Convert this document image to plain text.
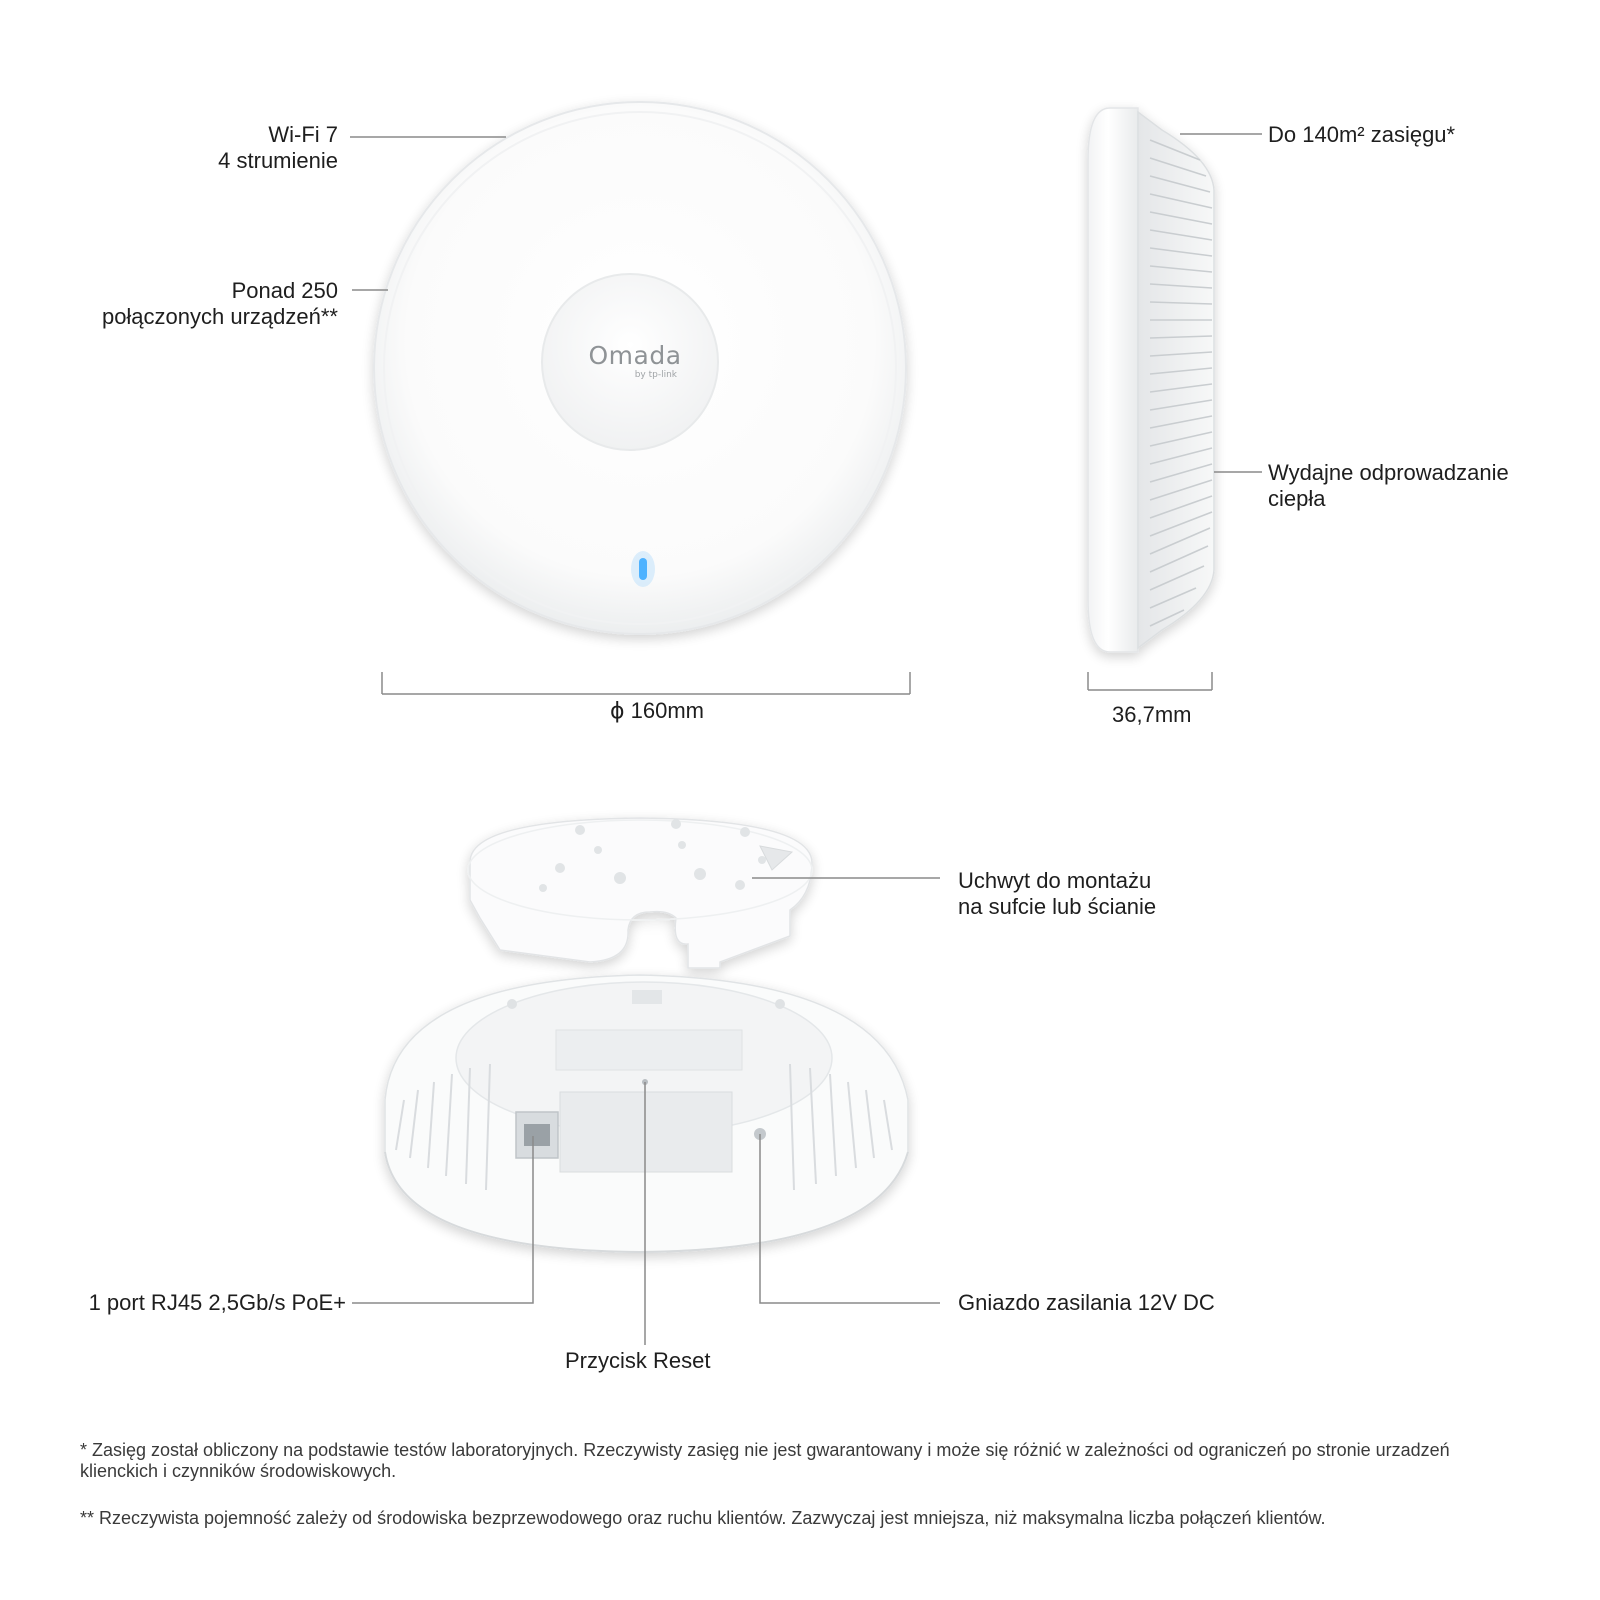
Omada
by tp-link
Wi-Fi 7
4 strumienie
Ponad 250
połączonych urządzeń**
ϕ 160mm
Do 140m² zasięgu*
Wydajne odprowadzanie
ciepła
36,7mm
Uchwyt do montażu
na sufcie lub ścianie
1 port RJ45 2,5Gb/s PoE+
Przycisk Reset
Gniazdo zasilania 12V DC
* Zasięg został obliczony na podstawie testów laboratoryjnych. Rzeczywisty zasięg nie jest gwarantowany i może się różnić w zależności od ograniczeń po stronie urzadzeń klienckich i czynników środowiskowych.
** Rzeczywista pojemność zależy od środowiska bezprzewodowego oraz ruchu klientów. Zazwyczaj jest mniejsza, niż maksymalna liczba połączeń klientów.
